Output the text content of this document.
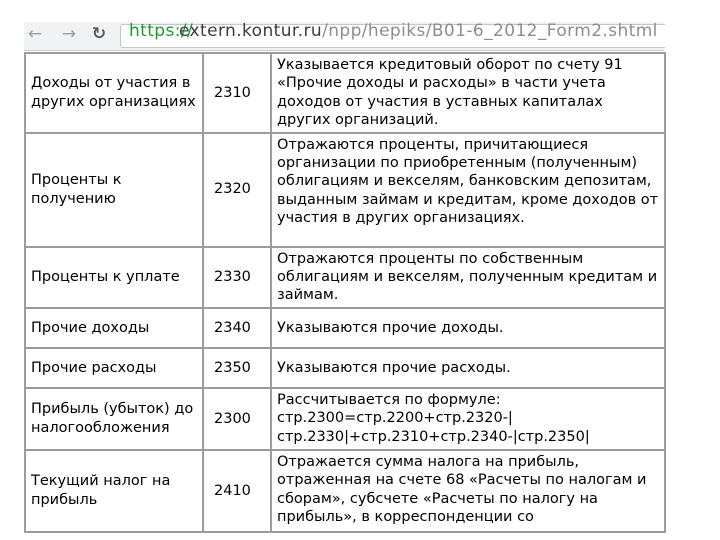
← → ↻ https://
extern.kontur.ru/npp/hepiks/B01-6_2012_Form2.shtml
Доходы от участия в других организациях	2310	Указывается кредитовый оборот по счету 91 «Прочие доходы и расходы» в части учета доходов от участия в уставных капиталах других организаций.
Проценты к получению	2320	Отражаются проценты, причитающиеся организации по приобретенным (полученным) облигациям и векселям, банковским депозитам, выданным займам и кредитам, кроме доходов от участия в других организациях.
Проценты к уплате	2330	Отражаются проценты по собственным облигациям и векселям, полученным кредитам и займам.
Прочие доходы	2340	Указываются прочие доходы.
Прочие расходы	2350	Указываются прочие расходы.
Прибыль (убыток) до налогообложения	2300	Рассчитывается по формуле: стр.2300=стр.2200+стр.2320-|стр.2330|+стр.2310+стр.2340-|стр.2350|
Текущий налог на прибыль	2410	Отражается сумма налога на прибыль, отраженная на счете 68 «Расчеты по налогам и сборам», субсчете «Расчеты по налогу на прибыль», в корреспонденции со
